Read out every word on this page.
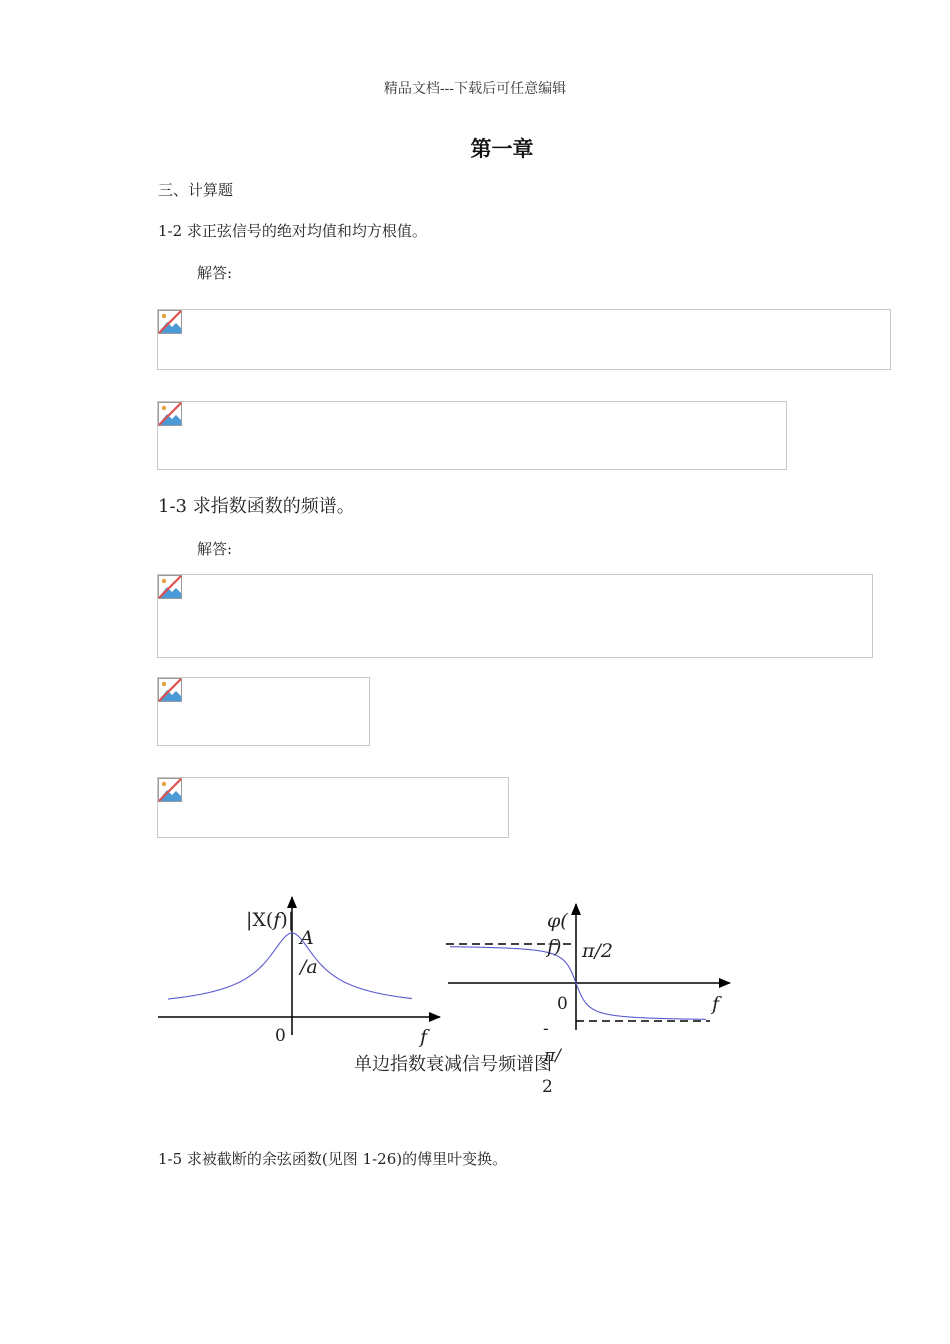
精品文档---下载后可任意编辑
第一章
三、计算题
1-2 求正弦信号的绝对均值和均方根值。
解答:
1-3 求指数函数的频谱。
解答:
|X(f)|
A
/a
0	f
φ(
f) π/2
0	f
-
π/
2
单边指数衰减信号频谱图
1-5 求被截断的余弦函数(见图 1-26)的傅里叶变换。
